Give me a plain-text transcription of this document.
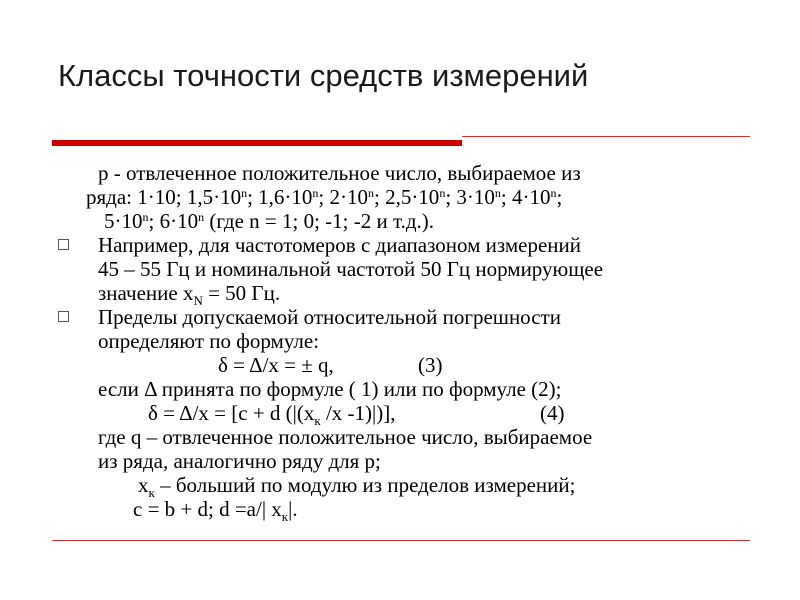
Классы точности средств измерений
p - отвлеченное положительное число, выбираемое из
ряда: 1·10; $1,5\cdot 10^n$; $1,6\cdot 10^n$; $2\cdot 10^n$; $2,5\cdot 10^n$; $3\cdot 10^n$; $4\cdot 10^n$;
$5\cdot 10^n$; $6\cdot 10^n$ (где n = 1; 0; -1; -2 и т.д.).
Например, для частотомеров с диапазоном измерений
45 – 55 Гц и номинальной частотой 50 Гц нормирующее
значение $х_N = 50$ Гц.
Пределы допускаемой относительной погрешности
определяют по формуле:
δ = Δ/х = ± q,	(3)
если Δ принята по формуле ( 1) или по формуле (2);
δ = Δ/х = [c + d ($|(х_к$ /х -1)|)],	(4)
где q – отвлеченное положительное число, выбираемое
из ряда, аналогично ряду для р;
$х_к$ – больший по модулю из пределов измерений;
с = b + d; d =a/| $х_к|$.
